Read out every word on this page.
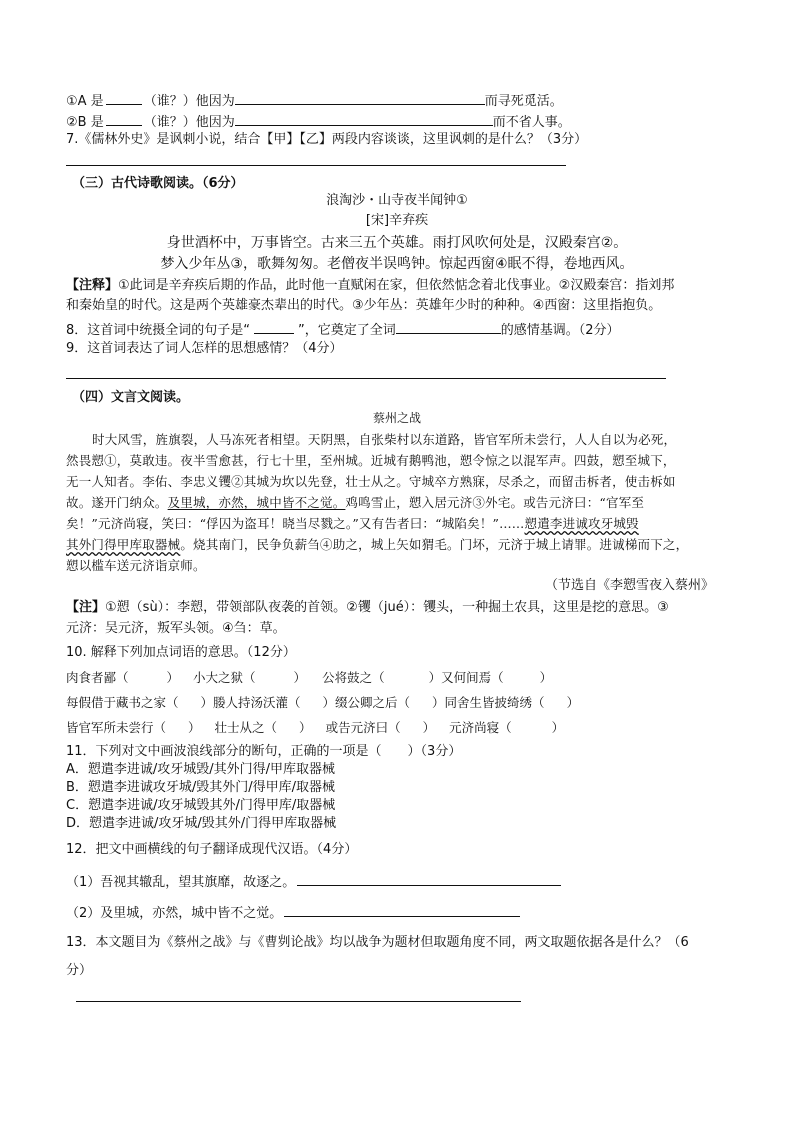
①A 是	（谁？）他因为	而寻死觅活。
②B 是	（谁？）他因为	而不省人事。
7.《儒林外史》是讽刺小说，结合【甲】【乙】两段内容谈谈，这里讽刺的是什么？（3分）
（三）古代诗歌阅读。（6分）
浪淘沙・山寺夜半闻钟①
[宋]辛弃疾
身世酒杯中，万事皆空。古来三五个英雄。雨打风吹何处是，汉殿秦宫②。
梦入少年丛③，歌舞匆匆。老僧夜半误鸣钟。惊起西窗④眠不得，卷地西风。
【注释】①此词是辛弃疾后期的作品，此时他一直赋闲在家，但依然惦念着北伐事业。②汉殿秦宫：指刘邦
和秦始皇的时代。这是两个英雄豪杰辈出的时代。③少年丛：英雄年少时的种种。④西窗：这里指抱负。
8．这首词中统摄全词的句子是“	”，它奠定了全词	的感情基调。（2分）
9．这首词表达了词人怎样的思想感情？（4分）
（四）文言文阅读。
蔡州之战
时大风雪，旌旗裂，人马冻死者相望。天阴黑，自张柴村以东道路，皆官军所未尝行，人人自以为必死，
然畏愬①，莫敢违。夜半雪愈甚，行七十里，至州城。近城有鹅鸭池，愬令惊之以混军声。四鼓，愬至城下，
无一人知者。李佑、李忠义䦆②其城为坎以先登，壮士从之。守城卒方熟寐，尽杀之，而留击柝者，使击柝如
故。遂开门纳众。及里城，亦然，城中皆不之觉。鸡鸣雪止，愬入居元济③外宅。或告元济曰：“官军至
矣！”元济尚寝，笑曰：“俘囚为盗耳！晓当尽戮之。”又有告者曰：“城陷矣！”……愬遣李进诚攻牙城毁
其外门得甲库取器械。烧其南门，民争负薪刍④助之，城上矢如猬毛。门坏，元济于城上请罪。进诚梯而下之，
愬以槛车送元济诣京师。
（节选自《李愬雪夜入蔡州》
【注】①愬（sù）：李愬，带领部队夜袭的首领。②䦆（jué）：䦆头，一种掘土农具，这里是挖的意思。③
元济：吴元济，叛军头领。④刍：草。
10. 解释下列加点词语的意思。（12分）
肉食者鄙（	） 小大之狱（	） 公将鼓之（	）又何间焉（	）
每假借于藏书之家（ ）媵人持汤沃灌（ ）缀公卿之后（ ）同舍生皆披绮绣（ ）
皆官军所未尝行（ ） 壮士从之（ ） 或告元济曰（ ） 元济尚寝（	）
11．下列对文中画波浪线部分的断句，正确的一项是（　　）（3分）
A．愬遣李进诚/攻牙城毁/其外门得/甲库取器械
B．愬遣李进诚攻牙城/毁其外门/得甲库/取器械
C．愬遣李进诚/攻牙城毁其外/门得甲库/取器械
D．愬遣李进诚/攻牙城/毁其外/门得甲库取器械
12．把文中画横线的句子翻译成现代汉语。（4分）
（1）吾视其辙乱，望其旗靡，故逐之。
（2）及里城，亦然，城中皆不之觉。
13．本文题目为《蔡州之战》与《曹刿论战》均以战争为题材但取题角度不同，两文取题依据各是什么？（6
分）
